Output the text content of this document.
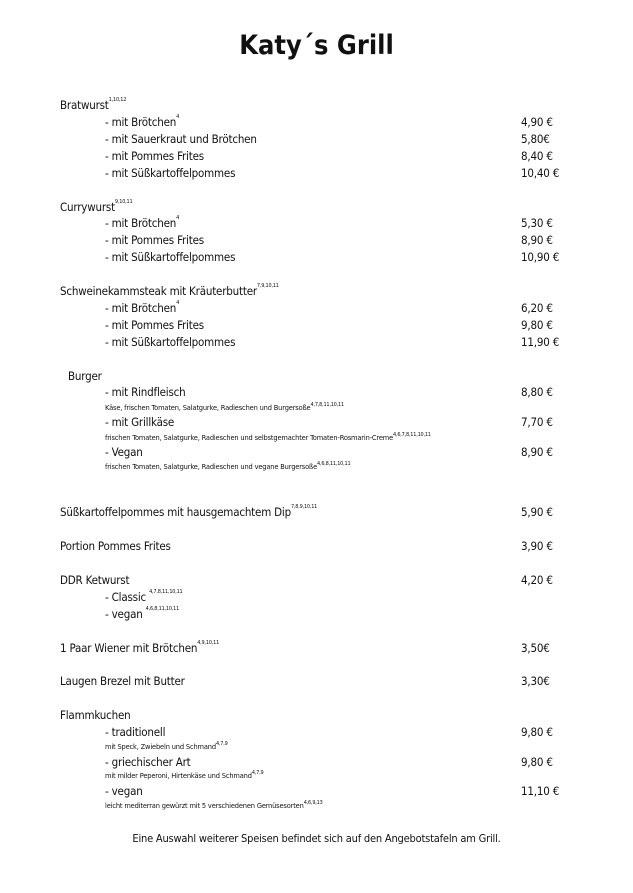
Katy´s Grill
Bratwurst$^{1,10,12}$
- mit Brötchen$^4$	4,90 €
- mit Sauerkraut und Brötchen	5,80€
- mit Pommes Frites	8,40 €
- mit Süßkartoffelpommes	10,40 €
Currywurst$^{9,10,11}$
- mit Brötchen$^4$	5,30 €
- mit Pommes Frites	8,90 €
- mit Süßkartoffelpommes	10,90 €
Schweinekammsteak mit Kräuterbutter$^{7,9,10,11}$
- mit Brötchen$^4$	6,20 €
- mit Pommes Frites	9,80 €
- mit Süßkartoffelpommes	11,90 €
Burger
- mit Rindfleisch	8,80 €
Käse, frischen Tomaten, Salatgurke, Radieschen und Burgersoße$^{4,7,8,11,10,11}$
- mit Grillkäse	7,70 €
frischen Tomaten, Salatgurke, Radieschen und selbstgemachter Tomaten-Rosmarin-Creme$^{4,6,7,8,11,10,11}$
- Vegan	8,90 €
frischen Tomaten, Salatgurke, Radieschen und vegane Burgersoße$^{4,6,8,11,10,11}$
Süßkartoffelpommes mit hausgemachtem Dip$^{7,8,9,10,11}$	5,90 €
Portion Pommes Frites	3,90 €
DDR Ketwurst	4,20 €
- Classic $^{4,7,8,11,10,11}$
- vegan $^{4,6,8,11,10,11}$
1 Paar Wiener mit Brötchen$^{4,9,10,11}$	3,50€
Laugen Brezel mit Butter	3,30€
Flammkuchen
- traditionell	9,80 €
mit Speck, Zwiebeln und Schmand$^{4,7,9}$
- griechischer Art	9,80 €
mit milder Peperoni, Hirtenkäse und Schmand$^{4,7,9}$
- vegan	11,10 €
leicht mediterran gewürzt mit 5 verschiedenen Gemüsesorten$^{4,6,9,13}$
Eine Auswahl weiterer Speisen befindet sich auf den Angebotstafeln am Grill.
